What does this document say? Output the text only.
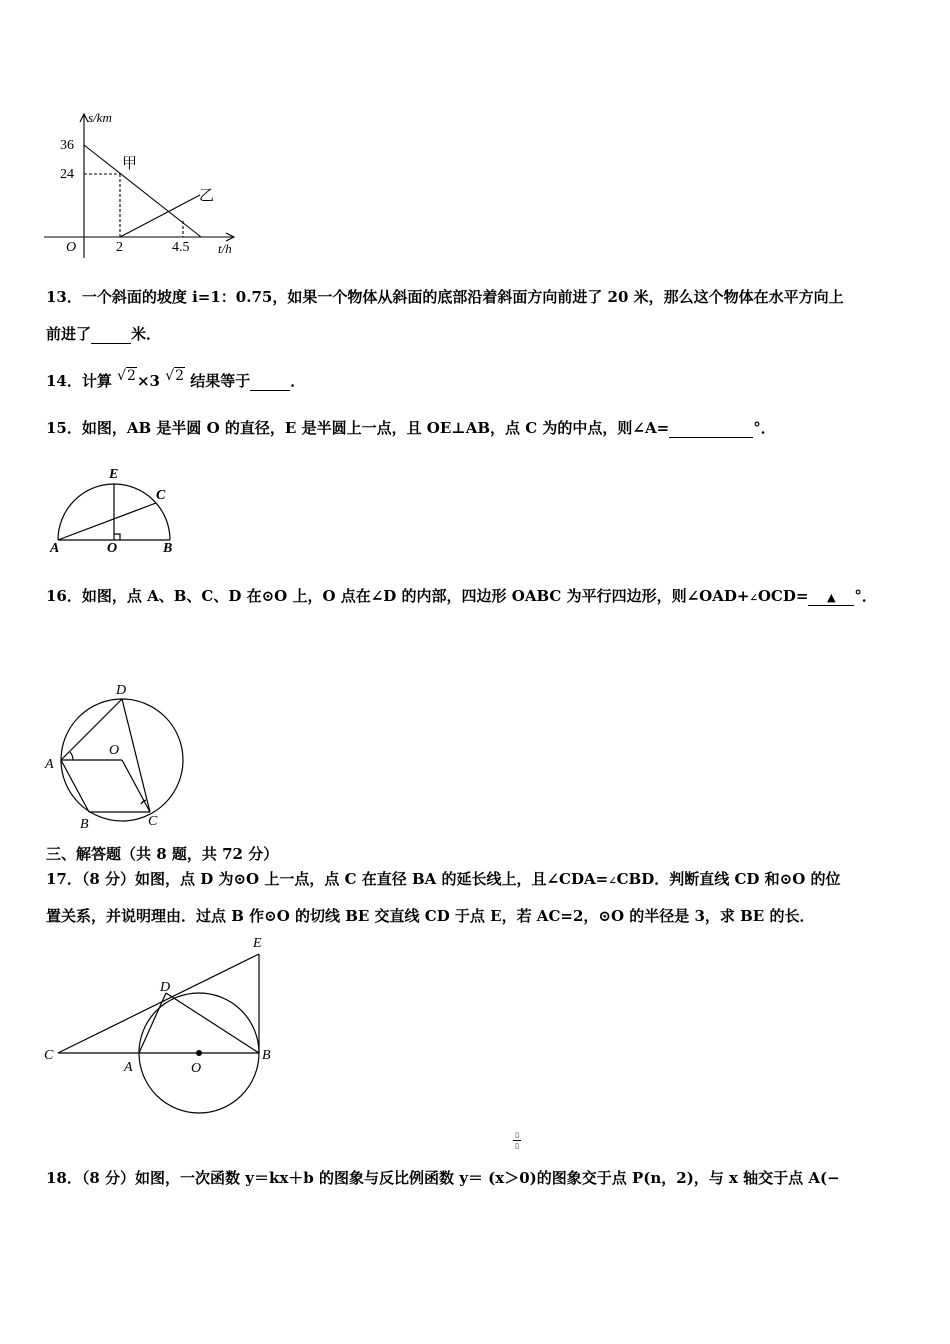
s/km
t/h
O
36
24
2	4.5
甲
乙
13．一个斜面的坡度 i=1：0.75，如果一个物体从斜面的底部沿着斜面方向前进了 20 米，那么这个物体在水平方向上
前进了	米．
14．计算 √2×3 √2 结果等于	．
15．如图，AB 是半圆 O 的直径，E 是半圆上一点，且 OE⊥AB，点 C 为的中点，则∠A=	°．
E
C
A	O	B
16．如图，点 A、B、C、D 在⊙O 上，O 点在∠D 的内部，四边形 OABC 为平行四边形，则∠OAD+∠OCD= ▲ °．
D
O
A
B	C
三、解答题（共 8 题，共 72 分）
17．（8 分）如图，点 D 为⊙O 上一点，点 C 在直径 BA 的延长线上，且∠CDA=∠CBD．判断直线 CD 和⊙O 的位
置关系，并说明理由．过点 B 作⊙O 的切线 BE 交直线 CD 于点 E，若 AC=2，⊙O 的半径是 3，求 BE 的长．
E
D
C
A	O
B
▯
▯
18．（8 分）如图，一次函数 y＝kx＋b 的图象与反比例函数 y＝ (x＞0)的图象交于点 P(n，2)，与 x 轴交于点 A(−
